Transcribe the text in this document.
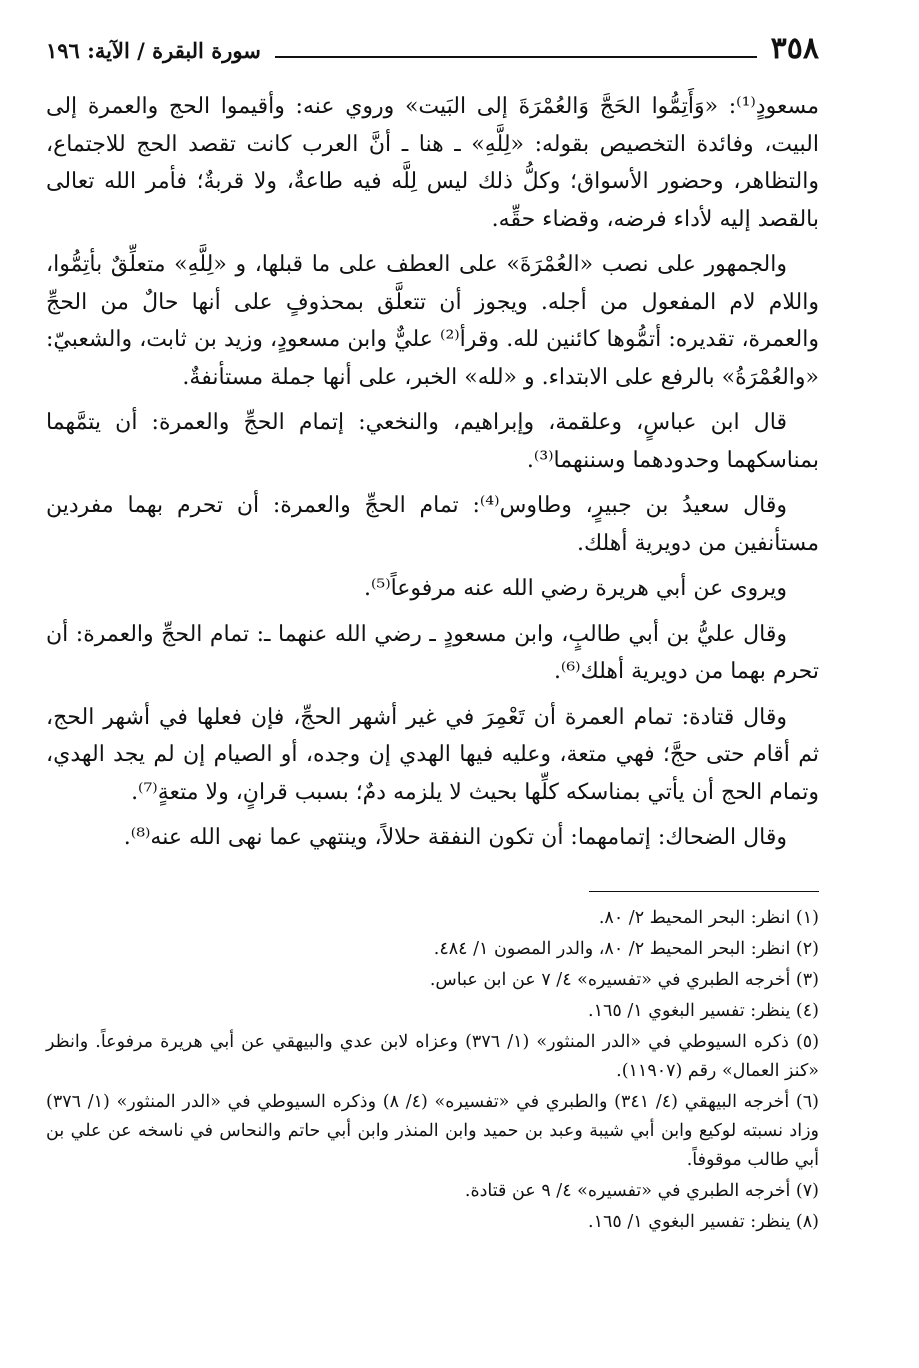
٣٥٨
سورة البقرة / الآية: ١٩٦

مسعودٍ⁽¹⁾: «وَأَتِمُّوا الحَجَّ وَالعُمْرَةَ إلى البَيت» وروي عنه: وأقيموا الحج والعمرة إلى البيت، وفائدة التخصيص بقوله: «لِلَّهِ» ـ هنا ـ أنَّ العرب كانت تقصد الحج للاجتماع، والتظاهر، وحضور الأسواق؛ وكلُّ ذلك ليس لِلَّه فيه طاعةٌ، ولا قربةٌ؛ فأمر الله تعالى بالقصد إليه لأداء فرضه، وقضاء حقِّه.

والجمهور على نصب «العُمْرَةَ» على العطف على ما قبلها، و «لِلَّهِ» متعلِّقٌ بأتِمُّوا، واللام لام المفعول من أجله. ويجوز أن تتعلَّق بمحذوفٍ على أنها حالٌ من الحجِّ والعمرة، تقديره: أتمُّوها كائنين لله. وقرأ⁽²⁾ عليٌّ وابن مسعودٍ، وزيد بن ثابت، والشعبيّ: «والعُمْرَةُ» بالرفع على الابتداء. و «لله» الخبر، على أنها جملة مستأنفةٌ.

قال ابن عباسٍ، وعلقمة، وإبراهيم، والنخعي: إتمام الحجِّ والعمرة: أن يتمَّهما بمناسكهما وحدودهما وسننهما⁽³⁾.

وقال سعيدُ بن جبيرٍ، وطاوس⁽⁴⁾: تمام الحجِّ والعمرة: أن تحرم بهما مفردين مستأنفين من دويرية أهلك.

ويروى عن أبي هريرة رضي الله عنه مرفوعاً⁽⁵⁾.

وقال عليُّ بن أبي طالبٍ، وابن مسعودٍ ـ رضي الله عنهما ـ: تمام الحجِّ والعمرة: أن تحرم بهما من دويرية أهلك⁽⁶⁾.

وقال قتادة: تمام العمرة أن تَعْمِرَ في غير أشهر الحجِّ، فإن فعلها في أشهر الحج، ثم أقام حتى حجَّ؛ فهي متعة، وعليه فيها الهدي إن وجده، أو الصيام إن لم يجد الهدي، وتمام الحج أن يأتي بمناسكه كلِّها بحيث لا يلزمه دمٌ؛ بسبب قرانٍ، ولا متعةٍ⁽⁷⁾.

وقال الضحاك: إتمامهما: أن تكون النفقة حلالاً، وينتهي عما نهى الله عنه⁽⁸⁾.

(١) انظر: البحر المحيط ٢/ ٨٠.
(٢) انظر: البحر المحيط ٢/ ٨٠، والدر المصون ١/ ٤٨٤.
(٣) أخرجه الطبري في «تفسيره» ٤/ ٧ عن ابن عباس.
(٤) ينظر: تفسير البغوي ١/ ١٦٥.
(٥) ذكره السيوطي في «الدر المنثور» (١/ ٣٧٦) وعزاه لابن عدي والبيهقي عن أبي هريرة مرفوعاً. وانظر «كنز العمال» رقم (١١٩٠٧).
(٦) أخرجه البيهقي (٤/ ٣٤١) والطبري في «تفسيره» (٤/ ٨) وذكره السيوطي في «الدر المنثور» (١/ ٣٧٦) وزاد نسبته لوكيع وابن أبي شيبة وعبد بن حميد وابن المنذر وابن أبي حاتم والنحاس في ناسخه عن علي بن أبي طالب موقوفاً.
(٧) أخرجه الطبري في «تفسيره» ٤/ ٩ عن قتادة.
(٨) ينظر: تفسير البغوي ١/ ١٦٥.
